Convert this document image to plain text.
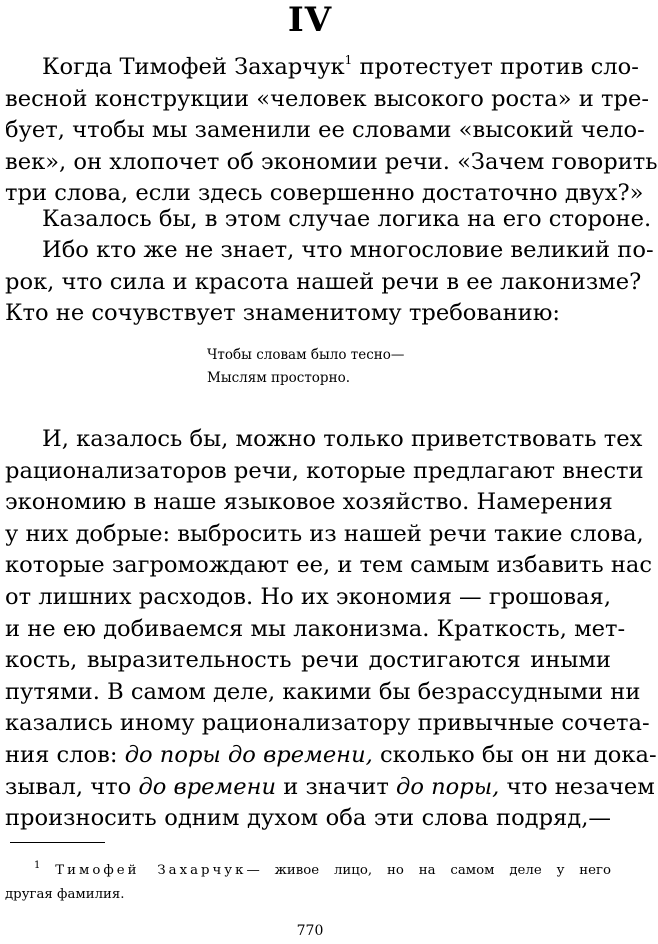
IV
Когда Тимофей Захарчук$^1$ протестует против сло-
весной конструкции «человек высокого роста» и тре-
бует, чтобы мы заменили ее словами «высокий чело-
век», он хлопочет об экономии речи. «Зачем говорить
три слова, если здесь совершенно достаточно двух?»
Казалось бы, в этом случае логика на его стороне.
Ибо кто же не знает, что многословие великий по-
рок, что сила и красота нашей речи в ее лаконизме?
Кто не сочувствует знаменитому требованию:
Чтобы словам было тесно—
Мыслям просторно.
И, казалось бы, можно только приветствовать тех
рационализаторов речи, которые предлагают внести
экономию в наше языковое хозяйство. Намерения
у них добрые: выбросить из нашей речи такие слова,
которые загромождают ее, и тем самым избавить нас
от лишних расходов. Но их экономия — грошовая,
и не ею добиваемся мы лаконизма. Краткость, мет-
кость, выразительность речи достигаются иными
путями. В самом деле, какими бы безрассудными ни
казались иному рационализатору привычные сочета-
ния слов: до поры до времени, сколько бы он ни дока-
зывал, что до времени и значит до поры, что незачем
произносить одним духом оба эти слова подряд,—
$^1$ Тимофей Захарчук— живое лицо, но на самом деле у него
другая фамилия.
770
